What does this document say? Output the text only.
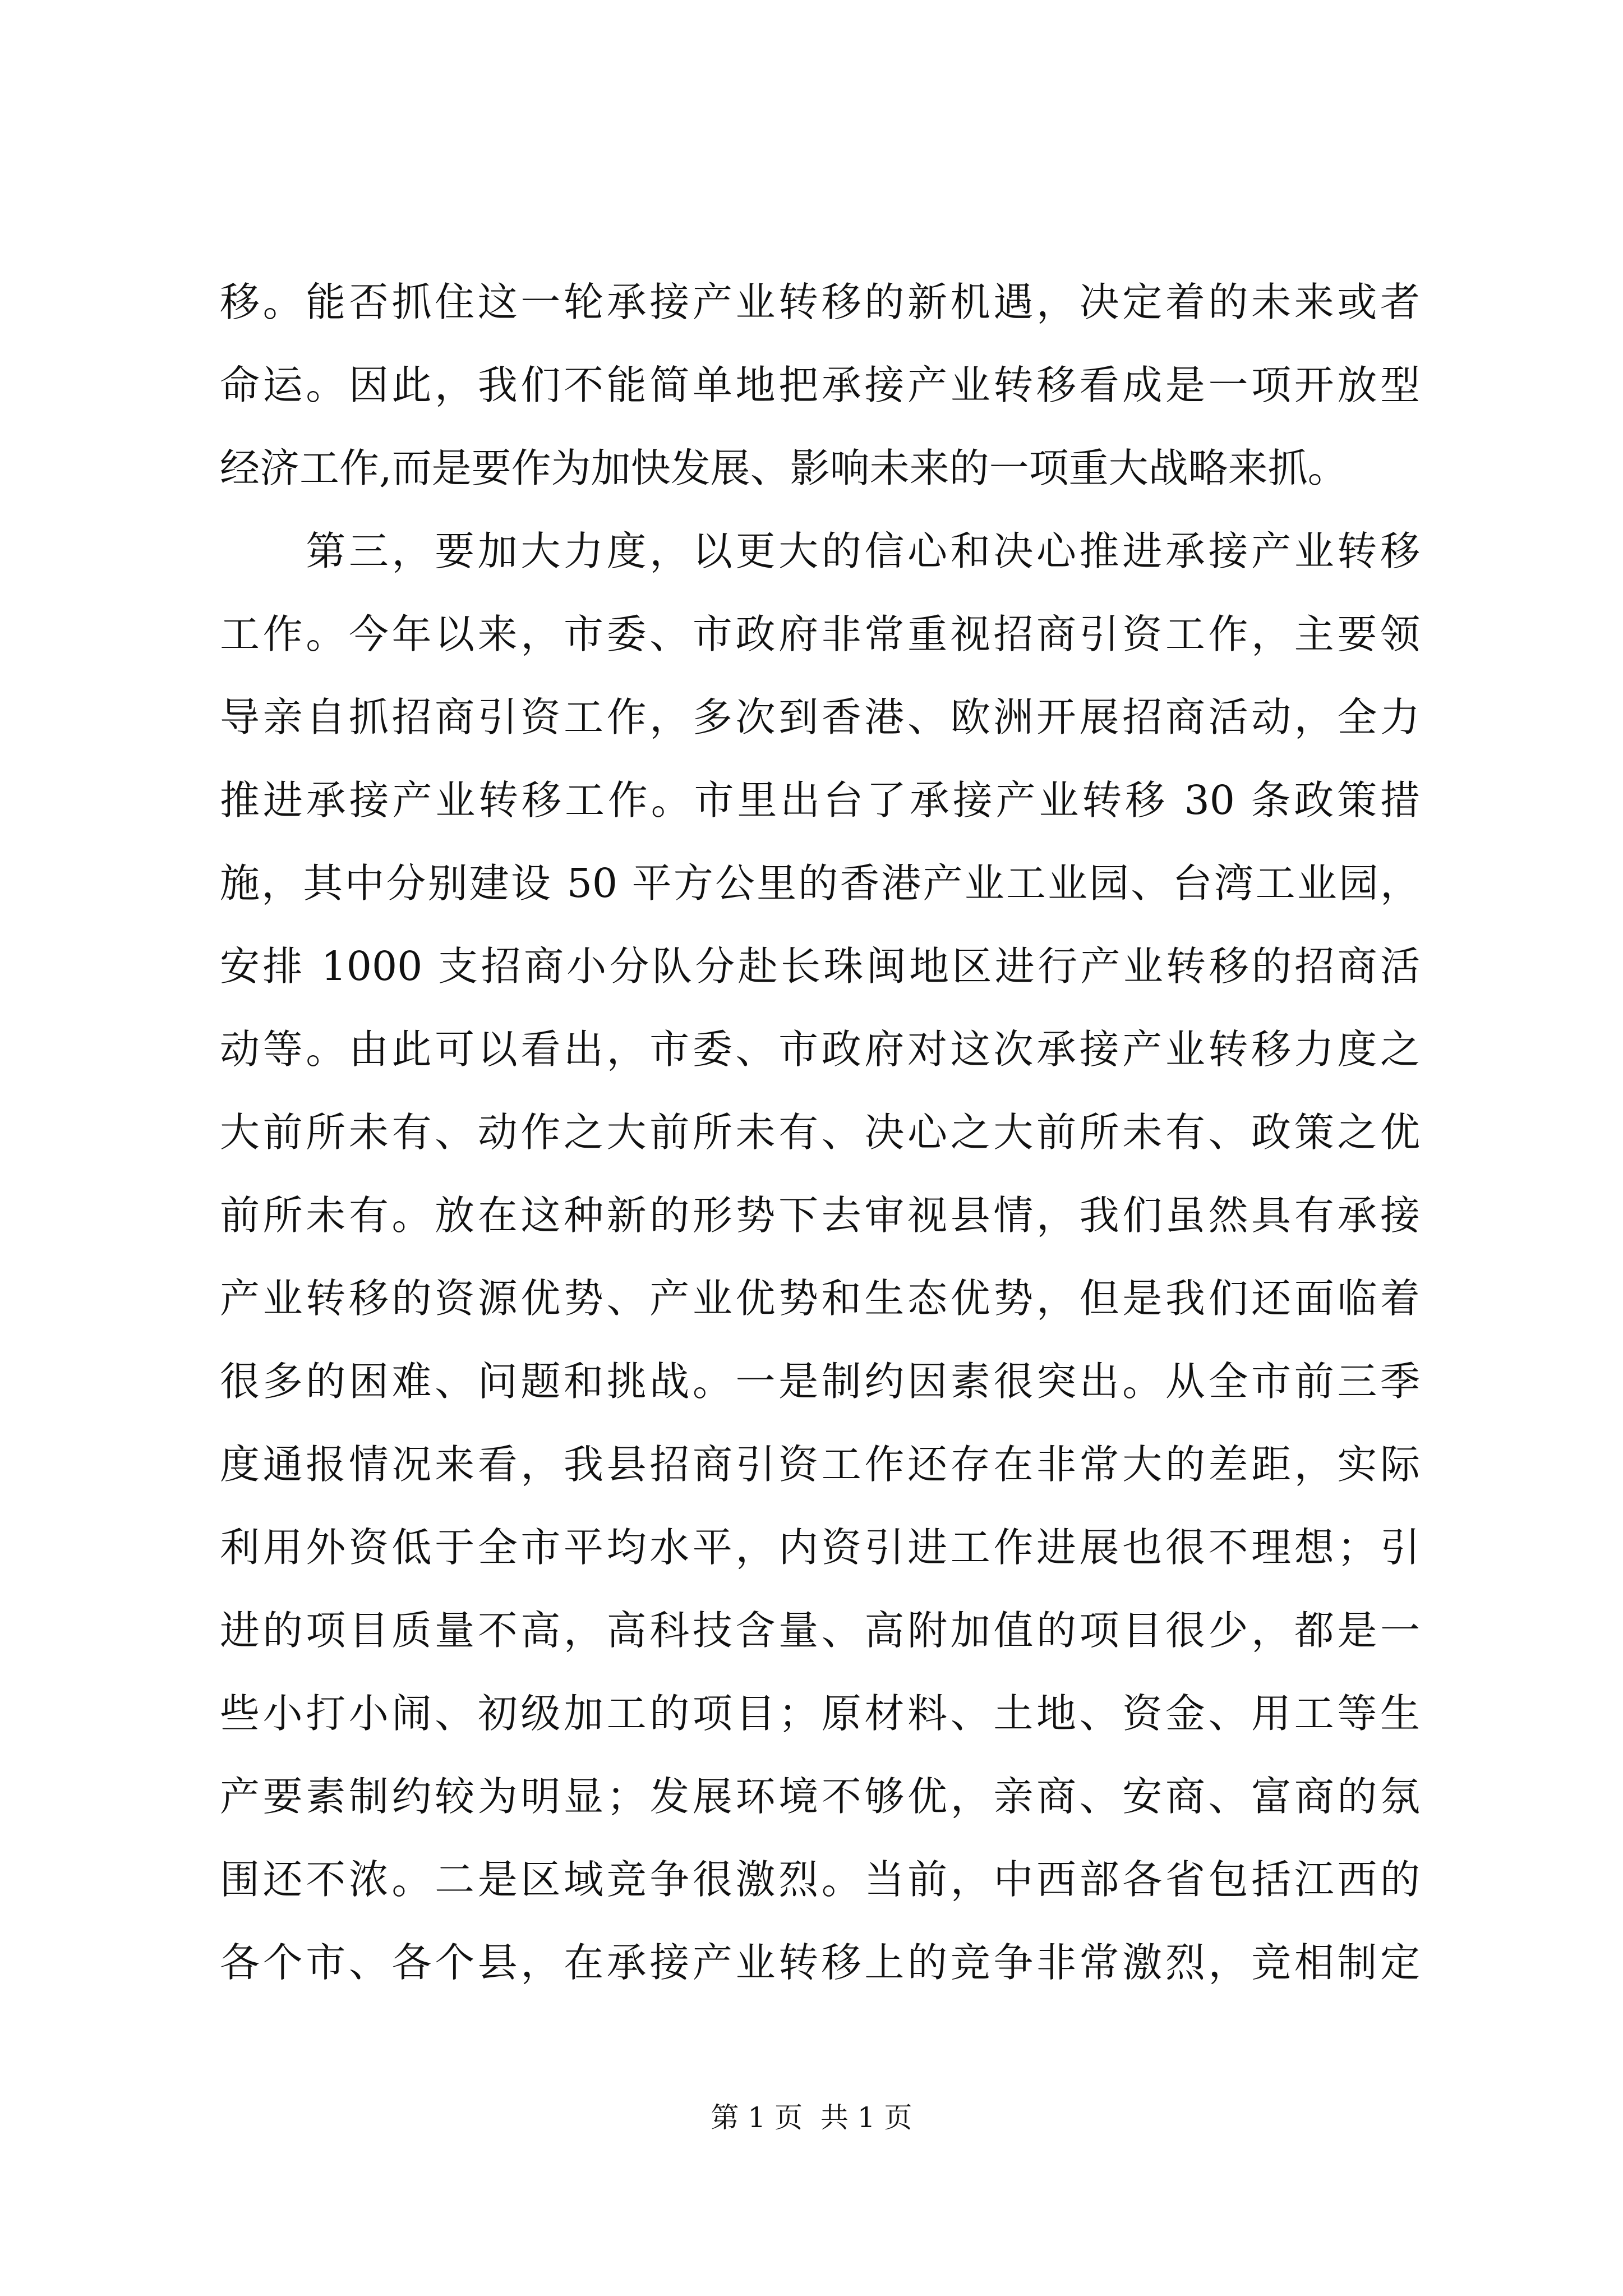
移。能否抓住这一轮承接产业转移的新机遇，决定着的未来或者
命运。因此，我们不能简单地把承接产业转移看成是一项开放型
经济工作,而是要作为加快发展、影响未来的一项重大战略来抓。
　　第三，要加大力度，以更大的信心和决心推进承接产业转移
工作。今年以来，市委、市政府非常重视招商引资工作，主要领
导亲自抓招商引资工作，多次到香港、欧洲开展招商活动，全力
推进承接产业转移工作。市里出台了承接产业转移 30 条政策措
施，其中分别建设 50 平方公里的香港产业工业园、台湾工业园，
安排 1000 支招商小分队分赴长珠闽地区进行产业转移的招商活
动等。由此可以看出，市委、市政府对这次承接产业转移力度之
大前所未有、动作之大前所未有、决心之大前所未有、政策之优
前所未有。放在这种新的形势下去审视县情，我们虽然具有承接
产业转移的资源优势、产业优势和生态优势，但是我们还面临着
很多的困难、问题和挑战。一是制约因素很突出。从全市前三季
度通报情况来看，我县招商引资工作还存在非常大的差距，实际
利用外资低于全市平均水平，内资引进工作进展也很不理想；引
进的项目质量不高，高科技含量、高附加值的项目很少，都是一
些小打小闹、初级加工的项目；原材料、土地、资金、用工等生
产要素制约较为明显；发展环境不够优，亲商、安商、富商的氛
围还不浓。二是区域竞争很激烈。当前，中西部各省包括江西的
各个市、各个县，在承接产业转移上的竞争非常激烈，竞相制定
第 1 页  共 1 页
